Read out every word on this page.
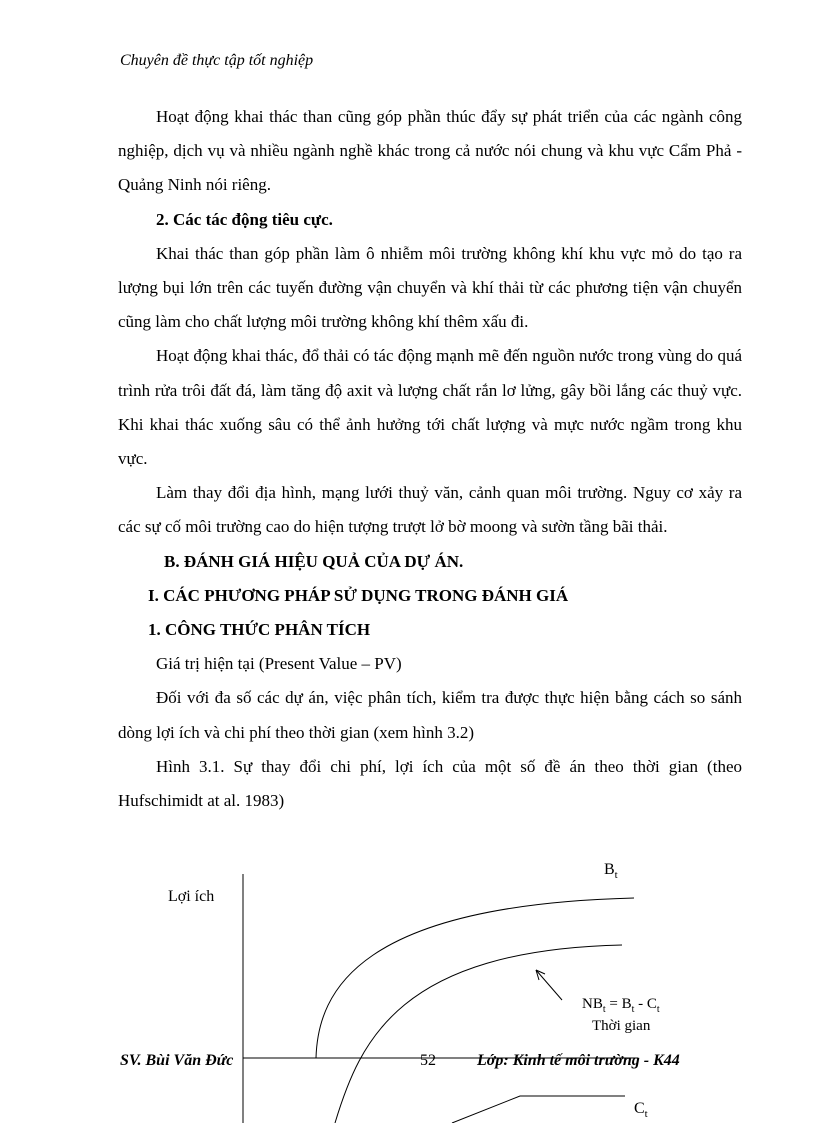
Chuyên đề thực tập tốt nghiệp

Hoạt động khai thác than cũng góp phần thúc đẩy sự phát triển của các ngành công nghiệp, dịch vụ và nhiều ngành nghề khác trong cả nước nói chung và khu vực Cẩm Phả - Quảng Ninh nói riêng.

2. Các tác động tiêu cực.

Khai thác than góp phần làm ô nhiễm môi trường không khí khu vực mỏ do tạo ra lượng bụi lớn trên các tuyến đường vận chuyển và khí thải từ các phương tiện vận chuyển cũng làm cho chất lượng môi trường không khí thêm xấu đi.

Hoạt động khai thác, đổ thải có tác động mạnh mẽ đến nguồn nước trong vùng do quá trình rửa trôi đất đá, làm tăng độ axit và lượng chất rắn lơ lửng, gây bồi lắng các thuỷ vực. Khi khai thác xuống sâu có thể ảnh hưởng tới chất lượng và mực nước ngầm trong khu vực.

Làm thay đổi địa hình, mạng lưới thuỷ văn, cảnh quan môi trường. Nguy cơ xảy ra các sự cố môi trường cao do hiện tượng trượt lở bờ moong và sườn tầng bãi thải.

B. ĐÁNH GIÁ HIỆU QUẢ CỦA DỰ ÁN.

I. CÁC PHƯƠNG PHÁP SỬ DỤNG TRONG ĐÁNH GIÁ

1. CÔNG THỨC PHÂN TÍCH

Giá trị hiện tại (Present Value – PV)

Đối với đa số các dự án, việc phân tích, kiểm tra được thực hiện bằng cách so sánh dòng lợi ích và chi phí theo thời gian (xem hình 3.2)

Hình 3.1. Sự thay đổi chi phí, lợi ích của một số đề án theo thời gian (theo Hufschimidt at al. 1983)

Lợi ích
$B_t$
$NB_t = B_t - C_t$
Thời gian
$C_t$
SV. Bùi Văn Đức	52	Lớp: Kinh tế môi trường - K44
